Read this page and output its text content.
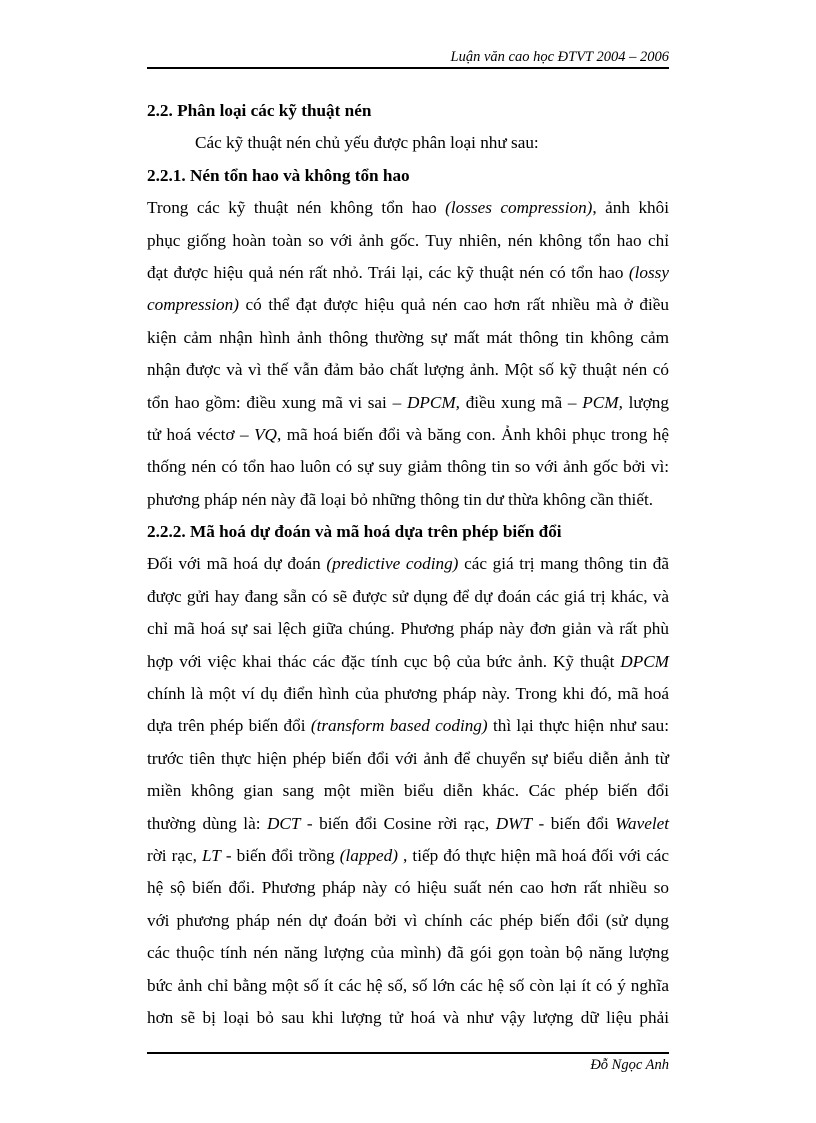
Luận văn cao học ĐTVT 2004 – 2006
2.2. Phân loại các kỹ thuật nén
Các kỹ thuật nén chủ yếu được phân loại như sau:
2.2.1. Nén tổn hao và không tổn hao
Trong các kỹ thuật nén không tổn hao (losses compression), ảnh khôi
phục giống hoàn toàn so với ảnh gốc. Tuy nhiên, nén không tổn hao chỉ
đạt được hiệu quả nén rất nhỏ. Trái lại, các kỹ thuật nén có tổn hao (lossy
compression) có thể đạt được hiệu quả nén cao hơn rất nhiều mà ở điều
kiện cảm nhận hình ảnh thông thường sự mất mát thông tin không cảm
nhận được và vì thế vẫn đảm bảo chất lượng ảnh. Một số kỹ thuật nén có
tổn hao gồm: điều xung mã vi sai – DPCM, điều xung mã – PCM, lượng
tử hoá véctơ – VQ, mã hoá biến đổi và băng con. Ảnh khôi phục trong hệ
thống nén có tổn hao luôn có sự suy giảm thông tin so với ảnh gốc bởi vì:
phương pháp nén này đã loại bỏ những thông tin dư thừa không cần thiết.
2.2.2. Mã hoá dự đoán và mã hoá dựa trên phép biến đổi
Đối với mã hoá dự đoán (predictive coding) các giá trị mang thông tin đã
được gửi hay đang sẵn có sẽ được sử dụng để dự đoán các giá trị khác, và
chỉ mã hoá sự sai lệch giữa chúng. Phương pháp này đơn giản và rất phù
hợp với việc khai thác các đặc tính cục bộ của bức ảnh. Kỹ thuật DPCM
chính là một ví dụ điển hình của phương pháp này. Trong khi đó, mã hoá
dựa trên phép biến đổi (transform based coding) thì lại thực hiện như sau:
trước tiên thực hiện phép biến đổi với ảnh để chuyển sự biểu diễn ảnh từ
miền không gian sang một miền biểu diễn khác. Các phép biến đổi
thường dùng là: DCT - biến đổi Cosine rời rạc, DWT - biến đổi Wavelet
rời rạc, LT - biến đổi trồng (lapped) , tiếp đó thực hiện mã hoá đối với các
hệ sộ biến đổi. Phương pháp này có hiệu suất nén cao hơn rất nhiều so
với phương pháp nén dự đoán bởi vì chính các phép biến đổi (sử dụng
các thuộc tính nén năng lượng của mình) đã gói gọn toàn bộ năng lượng
bức ảnh chỉ bằng một số ít các hệ số, số lớn các hệ số còn lại ít có ý nghĩa
hơn sẽ bị loại bỏ sau khi lượng tử hoá và như vậy lượng dữ liệu phải
Đỗ Ngọc Anh
